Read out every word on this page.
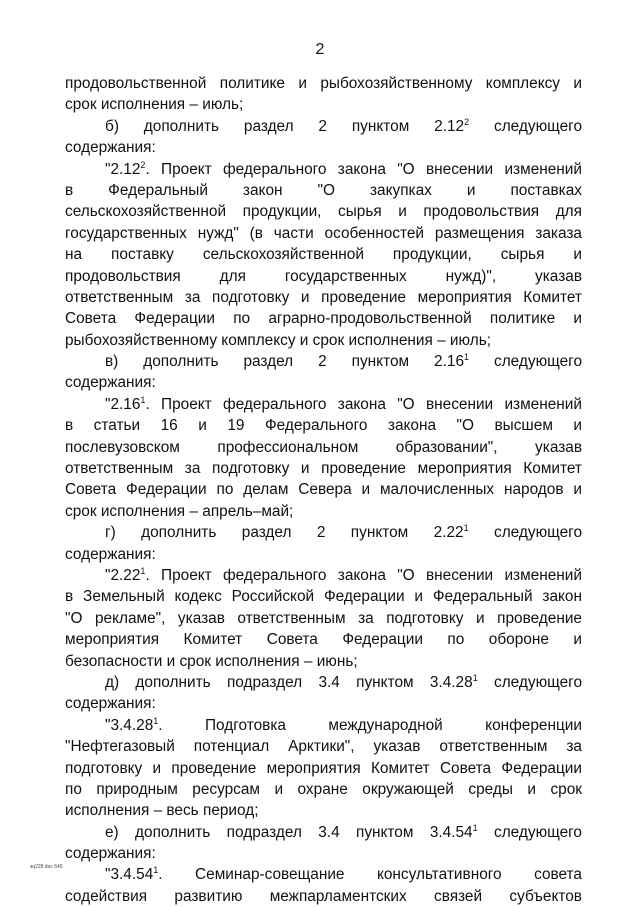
2
продовольственной политике и рыбохозяйственному комплексу и
срок исполнения – июль;
б) дополнить раздел 2 пунктом 2.12$^2$ следующего
содержания:
"2.12$^2$. Проект федерального закона "О внесении изменений
в Федеральный закон "О закупках и поставках
сельскохозяйственной продукции, сырья и продовольствия для
государственных нужд" (в части особенностей размещения заказа
на поставку сельскохозяйственной продукции, сырья и
продовольствия для государственных нужд)", указав
ответственным за подготовку и проведение мероприятия Комитет
Совета Федерации по аграрно-продовольственной политике и
рыбохозяйственному комплексу и срок исполнения – июль;
в) дополнить раздел 2 пунктом 2.16$^1$ следующего
содержания:
"2.16$^1$. Проект федерального закона "О внесении изменений
в статьи 16 и 19 Федерального закона "О высшем и
послевузовском профессиональном образовании", указав
ответственным за подготовку и проведение мероприятия Комитет
Совета Федерации по делам Севера и малочисленных народов и
срок исполнения – апрель–май;
г) дополнить раздел 2 пунктом 2.22$^1$ следующего
содержания:
"2.22$^1$. Проект федерального закона "О внесении изменений
в Земельный кодекс Российской Федерации и Федеральный закон
"О рекламе", указав ответственным за подготовку и проведение
мероприятия Комитет Совета Федерации по обороне и
безопасности и срок исполнения – июнь;
д) дополнить подраздел 3.4 пунктом 3.4.28$^1$ следующего
содержания:
"3.4.28$^1$. Подготовка международной конференции
"Нефтегазовый потенциал Арктики", указав ответственным за
подготовку и проведение мероприятия Комитет Совета Федерации
по природным ресурсам и охране окружающей среды и срок
исполнения – весь период;
е) дополнить подраздел 3.4 пунктом 3.4.54$^1$ следующего
содержания:
"3.4.54$^1$. Семинар-совещание консультативного совета
содействия развитию межпарламентских связей субъектов
зq228 doc 645
